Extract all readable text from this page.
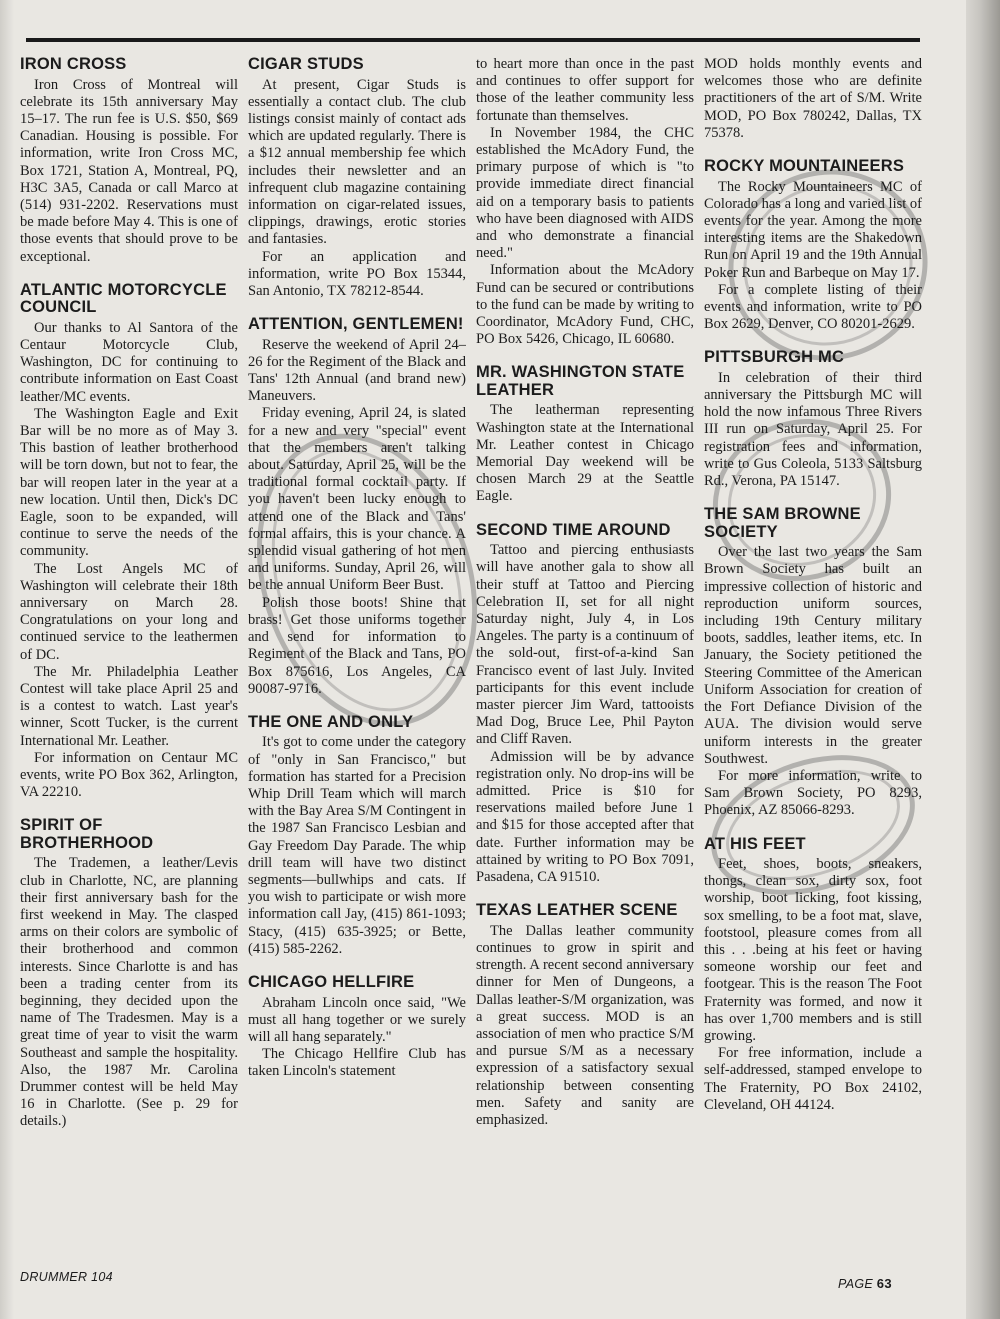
IRON CROSS

Iron Cross of Montreal will celebrate its 15th anniversary May 15–17. The run fee is U.S. $50, $69 Canadian. Housing is possible. For information, write Iron Cross MC, Box 1721, Station A, Montreal, PQ, H3C 3A5, Canada or call Marco at (514) 931-2202. Reservations must be made before May 4. This is one of those events that should prove to be exceptional.

ATLANTIC MOTORCYCLE COUNCIL

Our thanks to Al Santora of the Centaur Motorcycle Club, Washington, DC for continuing to contribute information on East Coast leather/MC events.

The Washington Eagle and Exit Bar will be no more as of May 3. This bastion of leather brotherhood will be torn down, but not to fear, the bar will reopen later in the year at a new location. Until then, Dick's DC Eagle, soon to be expanded, will continue to serve the needs of the community.

The Lost Angels MC of Washington will celebrate their 18th anniversary on March 28. Congratulations on your long and continued service to the leathermen of DC.

The Mr. Philadelphia Leather Contest will take place April 25 and is a contest to watch. Last year's winner, Scott Tucker, is the current International Mr. Leather.

For information on Centaur MC events, write PO Box 362, Arlington, VA 22210.

SPIRIT OF BROTHERHOOD

The Trademen, a leather/Levis club in Charlotte, NC, are planning their first anniversary bash for the first weekend in May. The clasped arms on their colors are symbolic of their brotherhood and common interests. Since Charlotte is and has been a trading center from its beginning, they decided upon the name of The Tradesmen. May is a great time of year to visit the warm Southeast and sample the hospitality. Also, the 1987 Mr. Carolina Drummer contest will be held May 16 in Charlotte. (See p. 29 for details.)

CIGAR STUDS

At present, Cigar Studs is essentially a contact club. The club listings consist mainly of contact ads which are updated regularly. There is a $12 annual membership fee which includes their newsletter and an infrequent club magazine containing information on cigar-related issues, clippings, drawings, erotic stories and fantasies.

For an application and information, write PO Box 15344, San Antonio, TX 78212-8544.

ATTENTION, GENTLEMEN!

Reserve the weekend of April 24–26 for the Regiment of the Black and Tans' 12th Annual (and brand new) Maneuvers.

Friday evening, April 24, is slated for a new and very "special" event that the members aren't talking about. Saturday, April 25, will be the traditional formal cocktail party. If you haven't been lucky enough to attend one of the Black and Tans' formal affairs, this is your chance. A splendid visual gathering of hot men and uniforms. Sunday, April 26, will be the annual Uniform Beer Bust.

Polish those boots! Shine that brass! Get those uniforms together and send for information to Regiment of the Black and Tans, PO Box 875616, Los Angeles, CA 90087-9716.

THE ONE AND ONLY

It's got to come under the category of "only in San Francisco," but formation has started for a Precision Whip Drill Team which will march with the Bay Area S/M Contingent in the 1987 San Francisco Lesbian and Gay Freedom Day Parade. The whip drill team will have two distinct segments—bullwhips and cats. If you wish to participate or wish more information call Jay, (415) 861-1093; Stacy, (415) 635-3925; or Bette, (415) 585-2262.

CHICAGO HELLFIRE

Abraham Lincoln once said, "We must all hang together or we surely will all hang separately."

The Chicago Hellfire Club has taken Lincoln's statement

to heart more than once in the past and continues to offer support for those of the leather community less fortunate than themselves.

In November 1984, the CHC established the McAdory Fund, the primary purpose of which is "to provide immediate direct financial aid on a temporary basis to patients who have been diagnosed with AIDS and who demonstrate a financial need."

Information about the McAdory Fund can be secured or contributions to the fund can be made by writing to Coordinator, McAdory Fund, CHC, PO Box 5426, Chicago, IL 60680.

MR. WASHINGTON STATE LEATHER

The leatherman representing Washington state at the International Mr. Leather contest in Chicago Memorial Day weekend will be chosen March 29 at the Seattle Eagle.

SECOND TIME AROUND

Tattoo and piercing enthusiasts will have another gala to show all their stuff at Tattoo and Piercing Celebration II, set for all night Saturday night, July 4, in Los Angeles. The party is a continuum of the sold-out, first-of-a-kind San Francisco event of last July. Invited participants for this event include master piercer Jim Ward, tattooists Mad Dog, Bruce Lee, Phil Payton and Cliff Raven.

Admission will be by advance registration only. No drop-ins will be admitted. Price is $10 for reservations mailed before June 1 and $15 for those accepted after that date. Further information may be attained by writing to PO Box 7091, Pasadena, CA 91510.

TEXAS LEATHER SCENE

The Dallas leather community continues to grow in spirit and strength. A recent second anniversary dinner for Men of Dungeons, a Dallas leather-S/M organization, was a great success. MOD is an association of men who practice S/M and pursue S/M as a necessary expression of a satisfactory sexual relationship between consenting men. Safety and sanity are emphasized.

MOD holds monthly events and welcomes those who are definite practitioners of the art of S/M. Write MOD, PO Box 780242, Dallas, TX 75378.

ROCKY MOUNTAINEERS

The Rocky Mountaineers MC of Colorado has a long and varied list of events for the year. Among the more interesting items are the Shakedown Run on April 19 and the 19th Annual Poker Run and Barbeque on May 17.

For a complete listing of their events and information, write to PO Box 2629, Denver, CO 80201-2629.

PITTSBURGH MC

In celebration of their third anniversary the Pittsburgh MC will hold the now infamous Three Rivers III run on Saturday, April 25. For registration fees and information, write to Gus Coleola, 5133 Saltsburg Rd., Verona, PA 15147.

THE SAM BROWNE SOCIETY

Over the last two years the Sam Brown Society has built an impressive collection of historic and reproduction uniform sources, including 19th Century military boots, saddles, leather items, etc. In January, the Society petitioned the Steering Committee of the American Uniform Association for creation of the Fort Defiance Division of the AUA. The division would serve uniform interests in the greater Southwest.

For more information, write to Sam Brown Society, PO 8293, Phoenix, AZ 85066-8293.

AT HIS FEET

Feet, shoes, boots, sneakers, thongs, clean sox, dirty sox, foot worship, boot licking, foot kissing, sox smelling, to be a foot mat, slave, footstool, pleasure comes from all this . . .being at his feet or having someone worship our feet and footgear. This is the reason The Foot Fraternity was formed, and now it has over 1,700 members and is still growing.

For free information, include a self-addressed, stamped envelope to The Fraternity, PO Box 24102, Cleveland, OH 44124.

DRUMMER 104	PAGE 63
